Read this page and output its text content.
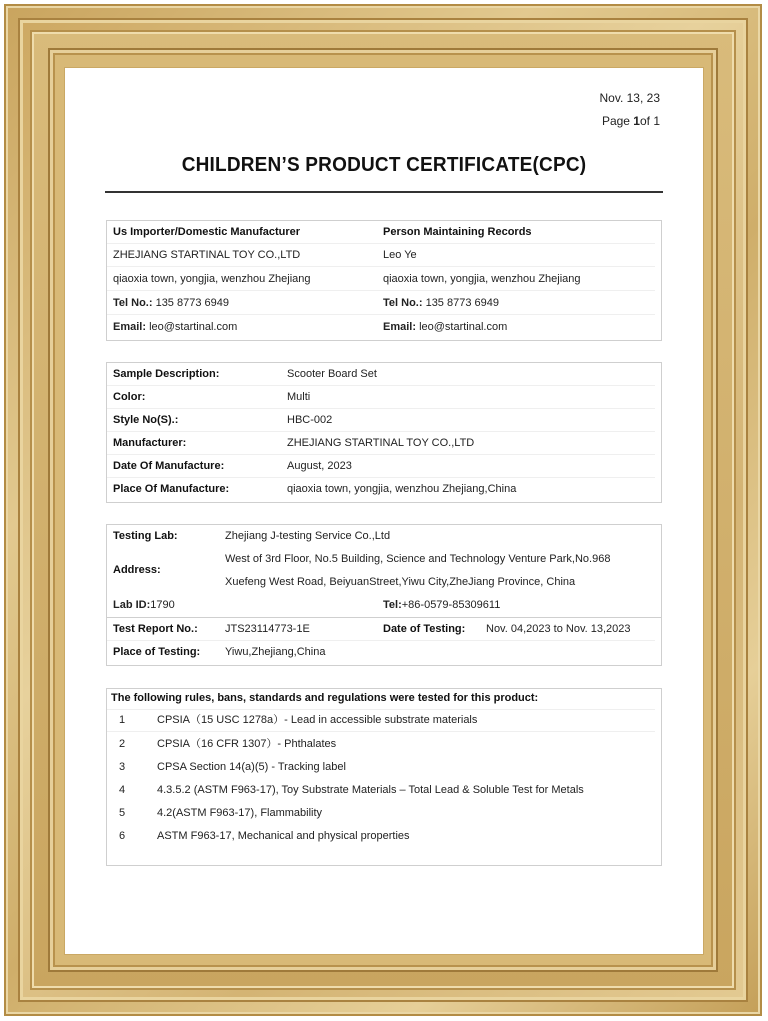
Nov. 13, 23
Page 1of 1
CHILDREN’S PRODUCT CERTIFICATE(CPC)
Us Importer/Domestic Manufacturer	Person Maintaining Records
ZHEJIANG STARTINAL TOY CO.,LTD	Leo Ye
qiaoxia town, yongjia, wenzhou Zhejiang	qiaoxia town, yongjia, wenzhou Zhejiang
Tel No.: 135 8773 6949	Tel No.: 135 8773 6949
Email: leo@startinal.com	Email: leo@startinal.com
Sample Description:	Scooter Board Set
Color:	Multi
Style No(S).:	HBC-002
Manufacturer:	ZHEJIANG STARTINAL TOY CO.,LTD
Date Of Manufacture:	August, 2023
Place Of Manufacture:	qiaoxia town, yongjia, wenzhou Zhejiang,China
Testing Lab:	Zhejiang J-testing Service Co.,Ltd
Address:
West of 3rd Floor, No.5 Building, Science and Technology Venture Park,No.968
Xuefeng West Road, BeiyuanStreet,Yiwu City,ZheJiang Province, China
Lab ID:1790	Tel:+86-0579-85309611
Test Report No.: JTS23114773-1E	Date of Testing: Nov. 04,2023 to Nov. 13,2023
Place of Testing: Yiwu,Zhejiang,China
The following rules, bans, standards and regulations were tested for this product:
1	CPSIA（15 USC 1278a）- Lead in accessible substrate materials
2	CPSIA（16 CFR 1307）- Phthalates
3	CPSA Section 14(a)(5) - Tracking label
4	4.3.5.2 (ASTM F963-17), Toy Substrate Materials – Total Lead & Soluble Test for Metals
5	4.2(ASTM F963-17), Flammability
6	ASTM F963-17, Mechanical and physical properties
